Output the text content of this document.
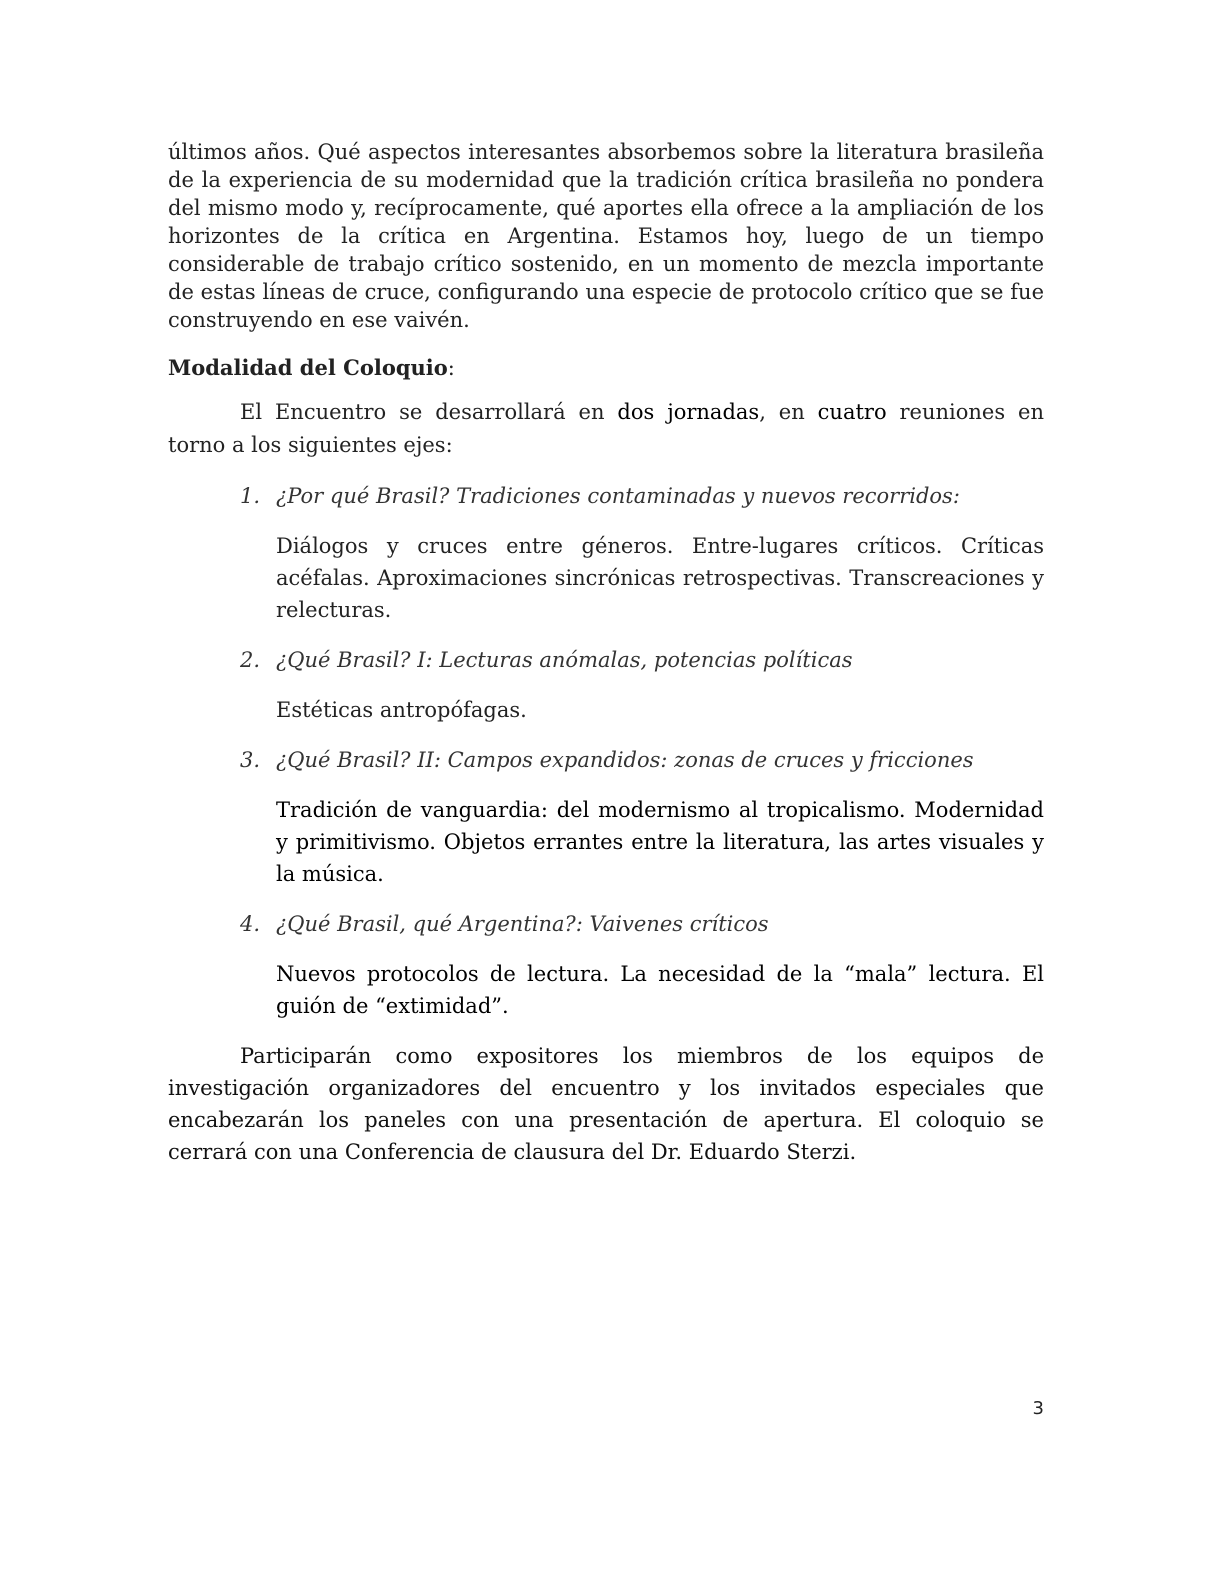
últimos años. Qué aspectos interesantes absorbemos sobre la literatura brasileña de la experiencia de su modernidad que la tradición crítica brasileña no pondera del mismo modo y, recíprocamente, qué aportes ella ofrece a la ampliación de los horizontes de la crítica en Argentina. Estamos hoy, luego de un tiempo considerable de trabajo crítico sostenido, en un momento de mezcla importante de estas líneas de cruce, configurando una especie de protocolo crítico que se fue construyendo en ese vaivén.

Modalidad del Coloquio:

El Encuentro se desarrollará en dos jornadas, en cuatro reuniones en torno a los siguientes ejes:

1. ¿Por qué Brasil? Tradiciones contaminadas y nuevos recorridos:
Diálogos y cruces entre géneros. Entre-lugares críticos. Críticas acéfalas. Aproximaciones sincrónicas retrospectivas. Transcreaciones y relecturas.
2. ¿Qué Brasil? I: Lecturas anómalas, potencias políticas
Estéticas antropófagas.
3. ¿Qué Brasil? II: Campos expandidos: zonas de cruces y fricciones
Tradición de vanguardia: del modernismo al tropicalismo. Modernidad y primitivismo. Objetos errantes entre la literatura, las artes visuales y la música.
4. ¿Qué Brasil, qué Argentina?: Vaivenes críticos
Nuevos protocolos de lectura. La necesidad de la “mala” lectura. El guión de “extimidad”.

Participarán como expositores los miembros de los equipos de investigación organizadores del encuentro y los invitados especiales que encabezarán los paneles con una presentación de apertura. El coloquio se cerrará con una Conferencia de clausura del Dr. Eduardo Sterzi.

3
